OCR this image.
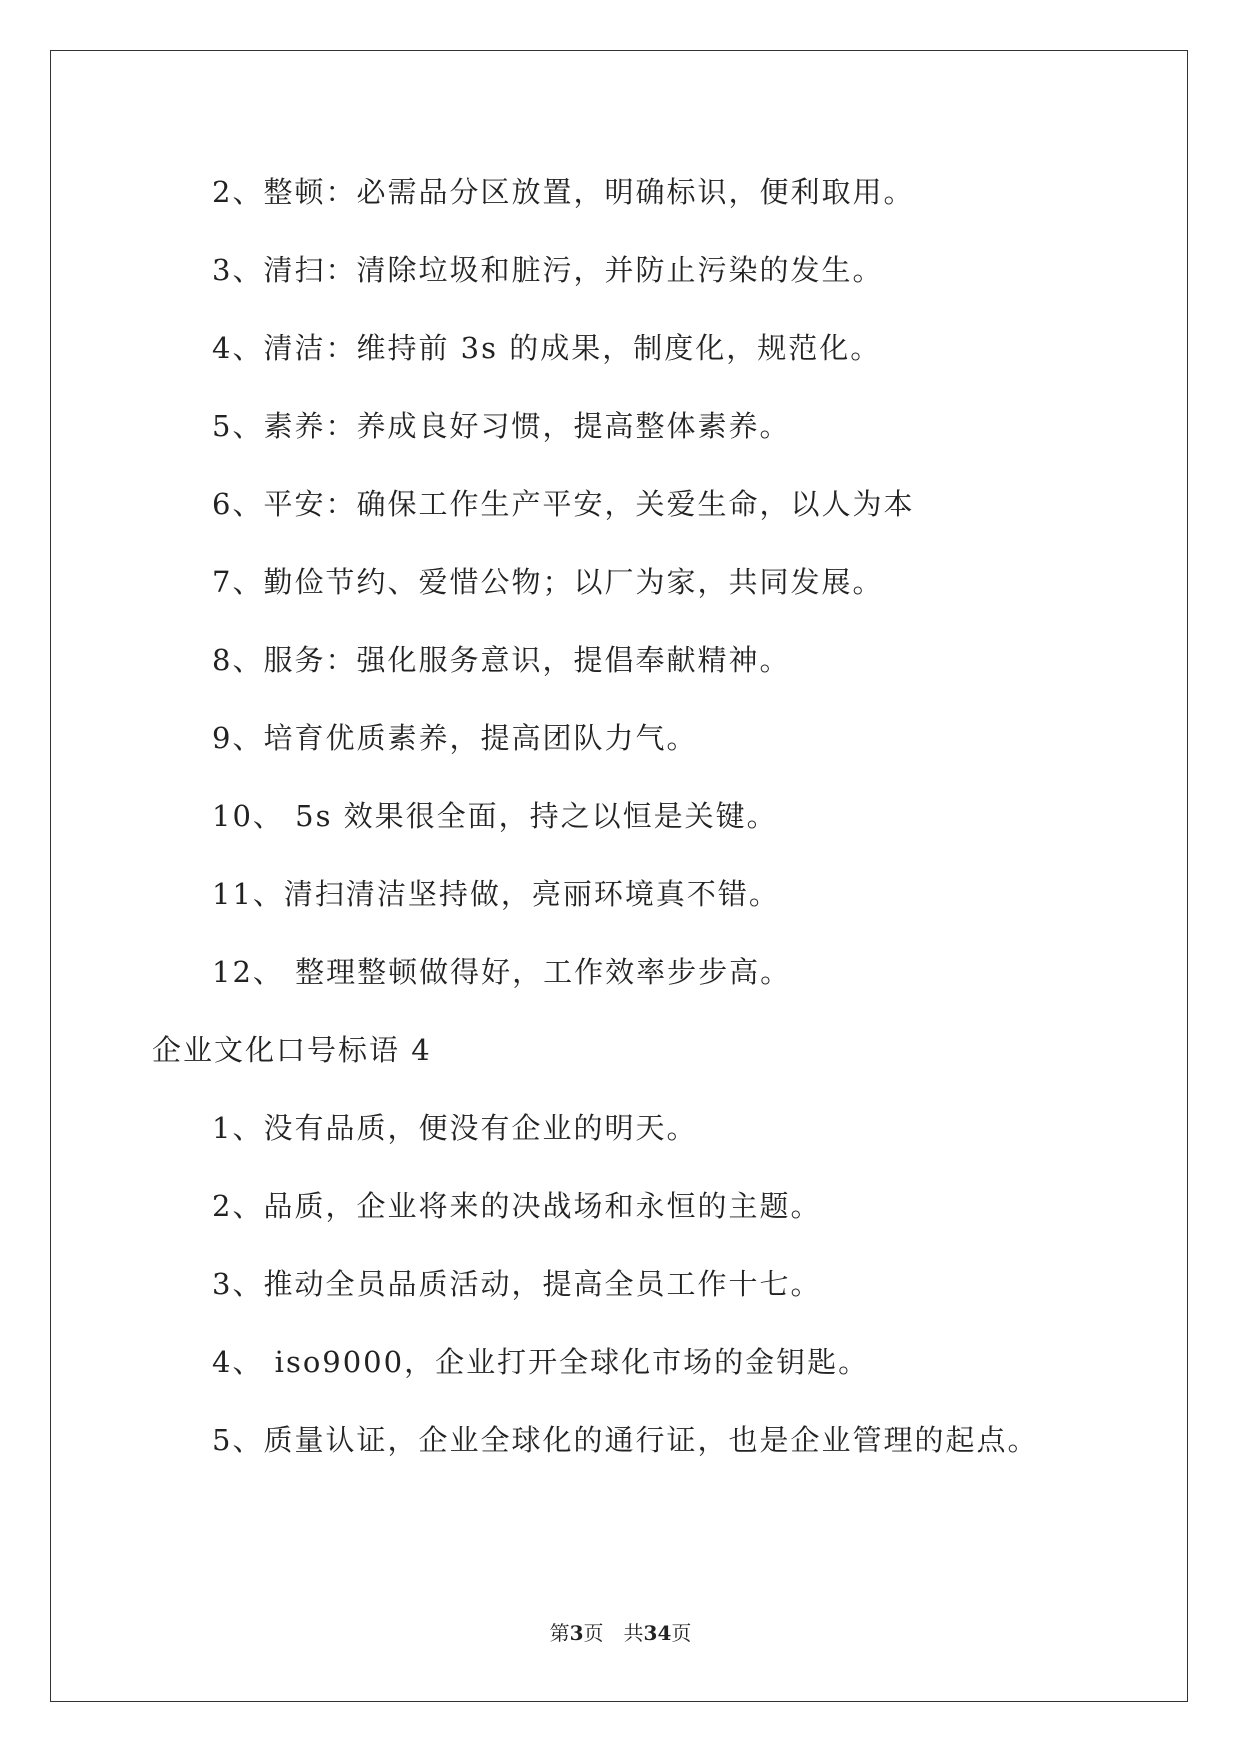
2、整顿：必需品分区放置，明确标识，便利取用。
3、清扫：清除垃圾和脏污，并防止污染的发生。
4、清洁：维持前 3s 的成果，制度化，规范化。
5、素养：养成良好习惯，提高整体素养。
6、平安：确保工作生产平安，关爱生命，以人为本
7、勤俭节约、爱惜公物；以厂为家，共同发展。
8、服务：强化服务意识，提倡奉献精神。
9、培育优质素养，提高团队力气。
10、 5s 效果很全面，持之以恒是关键。
11、清扫清洁坚持做，亮丽环境真不错。
12、 整理整顿做得好，工作效率步步高。
企业文化口号标语 4
1、没有品质，便没有企业的明天。
2、品质，企业将来的决战场和永恒的主题。
3、推动全员品质活动，提高全员工作十七。
4、 iso9000，企业打开全球化市场的金钥匙。
5、质量认证，企业全球化的通行证，也是企业管理的起点。
第3页　共34页
